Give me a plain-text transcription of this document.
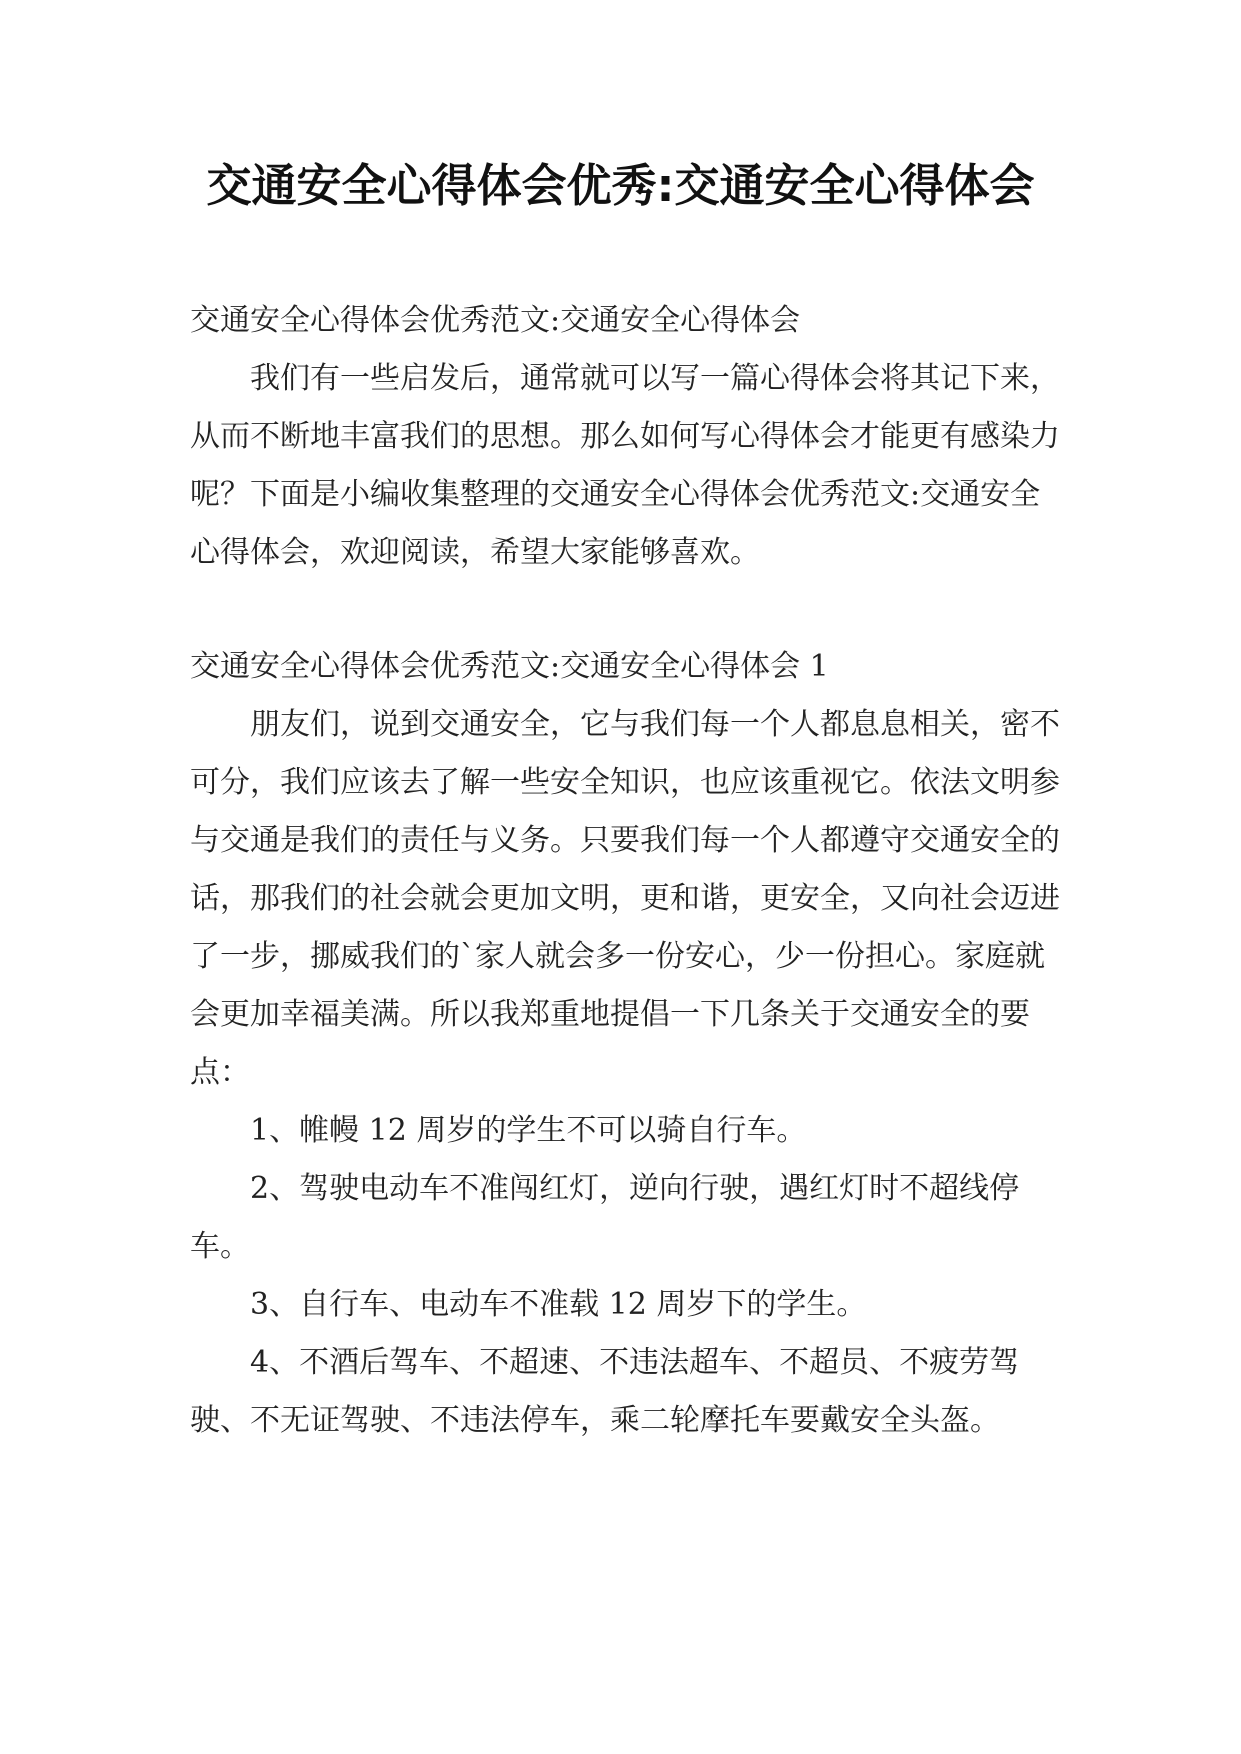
交通安全心得体会优秀:交通安全心得体会

交通安全心得体会优秀范文:交通安全心得体会

我们有一些启发后，通常就可以写一篇心得体会将其记下来，从而不断地丰富我们的思想。那么如何写心得体会才能更有感染力呢？下面是小编收集整理的交通安全心得体会优秀范文:交通安全心得体会，欢迎阅读，希望大家能够喜欢。

交通安全心得体会优秀范文:交通安全心得体会 1

朋友们，说到交通安全，它与我们每一个人都息息相关，密不可分，我们应该去了解一些安全知识，也应该重视它。依法文明参与交通是我们的责任与义务。只要我们每一个人都遵守交通安全的话，那我们的社会就会更加文明，更和谐，更安全，又向社会迈进了一步，挪威我们的`家人就会多一份安心，少一份担心。家庭就会更加幸福美满。所以我郑重地提倡一下几条关于交通安全的要点：

1、帷幔 12 周岁的学生不可以骑自行车。

2、驾驶电动车不准闯红灯，逆向行驶，遇红灯时不超线停车。

3、自行车、电动车不准载 12 周岁下的学生。

4、不酒后驾车、不超速、不违法超车、不超员、不疲劳驾驶、不无证驾驶、不违法停车，乘二轮摩托车要戴安全头盔。
